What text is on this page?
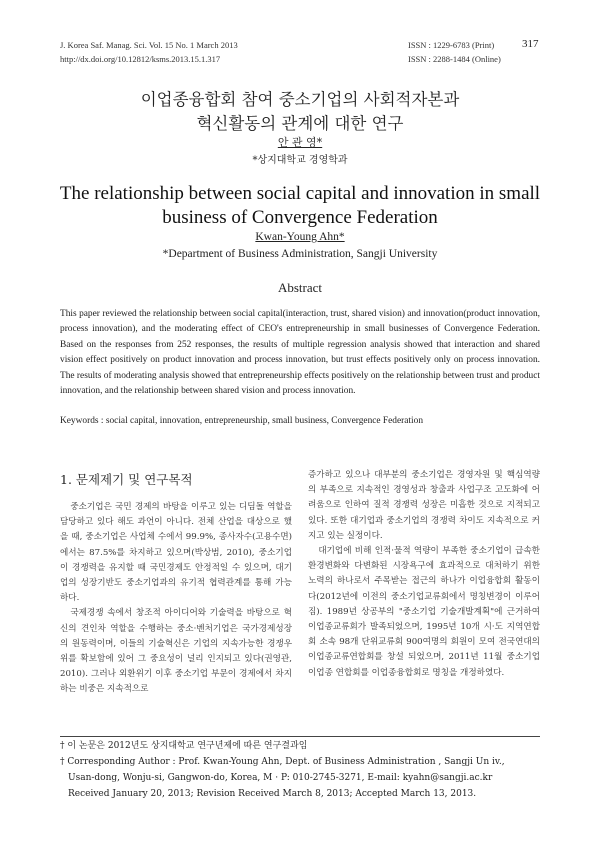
J. Korea Saf. Manag. Sci. Vol. 15 No. 1 March 2013
http://dx.doi.org/10.12812/ksms.2013.15.1.317
ISSN : 1229-6783 (Print)
ISSN : 2288-1484 (Online)
317
이업종융합회 참여 중소기업의 사회적자본과
혁신활동의 관계에 대한 연구
안 관 영*
*상지대학교 경영학과
The relationship between social capital and innovation in small
business of Convergence Federation
Kwan-Young Ahn*
*Department of Business Administration, Sangji University
Abstract
This paper reviewed the relationship between social capital(interaction, trust, shared vision) and innovation(product innovation, process innovation), and the moderating effect of CEO's entrepreneurship in small businesses of Convergence Federation. Based on the responses from 252 responses, the results of multiple regression analysis showed that interaction and shared vision effect positively on product innovation and process innovation, but trust effects positively only on process innovation. The results of moderating analysis showed that entrepreneurship effects positively on the relationship between trust and product innovation, and the relationship between shared vision and process innovation.
Keywords : social capital, innovation, entrepreneurship, small business, Convergence Federation
1. 문제제기 및 연구목적

중소기업은 국민 경제의 바탕을 이루고 있는 디딤돌 역할을 담당하고 있다 해도 과언이 아니다. 전체 산업을 대상으로 했을 때, 중소기업은 사업체 수에서 99.9%, 종사자수(고용수면)에서는 87.5%를 차지하고 있으며(박상범, 2010), 중소기업이 경쟁력을 유지할 때 국민경제도 안정적일 수 있으며, 대기업의 성장기반도 중소기업과의 유기적 협력관계를 통해 가능하다.

국제경쟁 속에서 창조적 아이디어와 기술력을 바탕으로 혁신의 견인차 역할을 수행하는 중소·벤처기업은 국가경제성장의 원동력이며, 이들의 기술혁신은 기업의 지속가능한 경쟁우위를 확보함에 있어 그 중요성이 널리 인지되고 있다(권영관, 2010). 그러나 외환위기 이후 중소기업 부문이 경제에서 차지하는 비중은 지속적으로

증가하고 있으나 대부분의 중소기업은 경영자원 및 핵심역량의 부족으로 지속적인 경영성과 창출과 사업구조 고도화에 어려움으로 인하여 질적 경쟁력 성장은 미흡한 것으로 지적되고 있다. 또한 대기업과 중소기업의 경쟁력 차이도 지속적으로 커지고 있는 실정이다.

대기업에 비해 인적·물적 역량이 부족한 중소기업이 급속한 환경변화와 다변화된 시장욕구에 효과적으로 대처하기 위한 노력의 하나로서 주목받는 접근의 하나가 이업융합회 활동이다(2012년에 이전의 중소기업교류회에서 명칭변경이 이루어짐). 1989년 상공부의 "중소기업 기술개발계획"에 근거하여 이업종교류회가 발족되었으며, 1995년 10개 시·도 지역연합회 소속 98개 단위교류회 900여명의 회원이 모여 전국연대의 이업종교류연합회를 창설 되었으며, 2011년 11월 중소기업 이업종 연합회를 이업종융합회로 명칭을 개정하였다.

† 이 논문은 2012년도 상지대학교 연구년제에 따른 연구결과임
† Corresponding Author : Prof. Kwan-Young Ahn, Dept. of Business Administration , Sangji Un iv.,
Usan-dong, Wonju-si, Gangwon-do, Korea, M · P: 010-2745-3271, E-mail: kyahn@sangji.ac.kr
Received January 20, 2013; Revision Received March 8, 2013; Accepted March 13, 2013.
